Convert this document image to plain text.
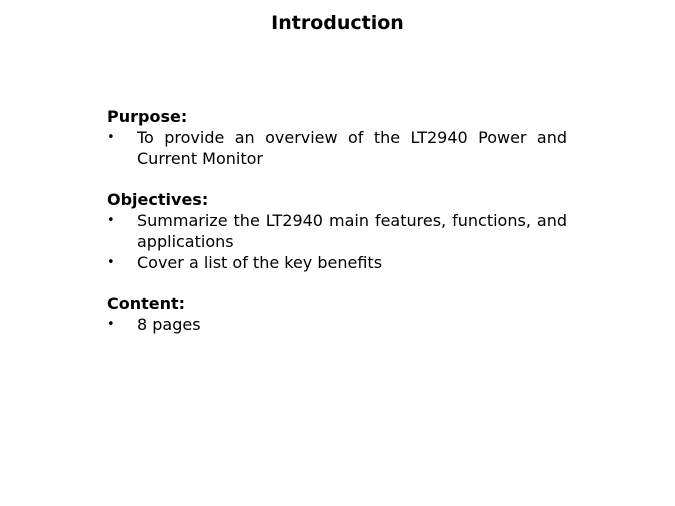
Introduction
Purpose:
• To provide an overview of the LT2940 Power and Current Monitor
Objectives:
• Summarize the LT2940 main features, functions, and applications
• Cover a list of the key benefits
Content:
• 8 pages
